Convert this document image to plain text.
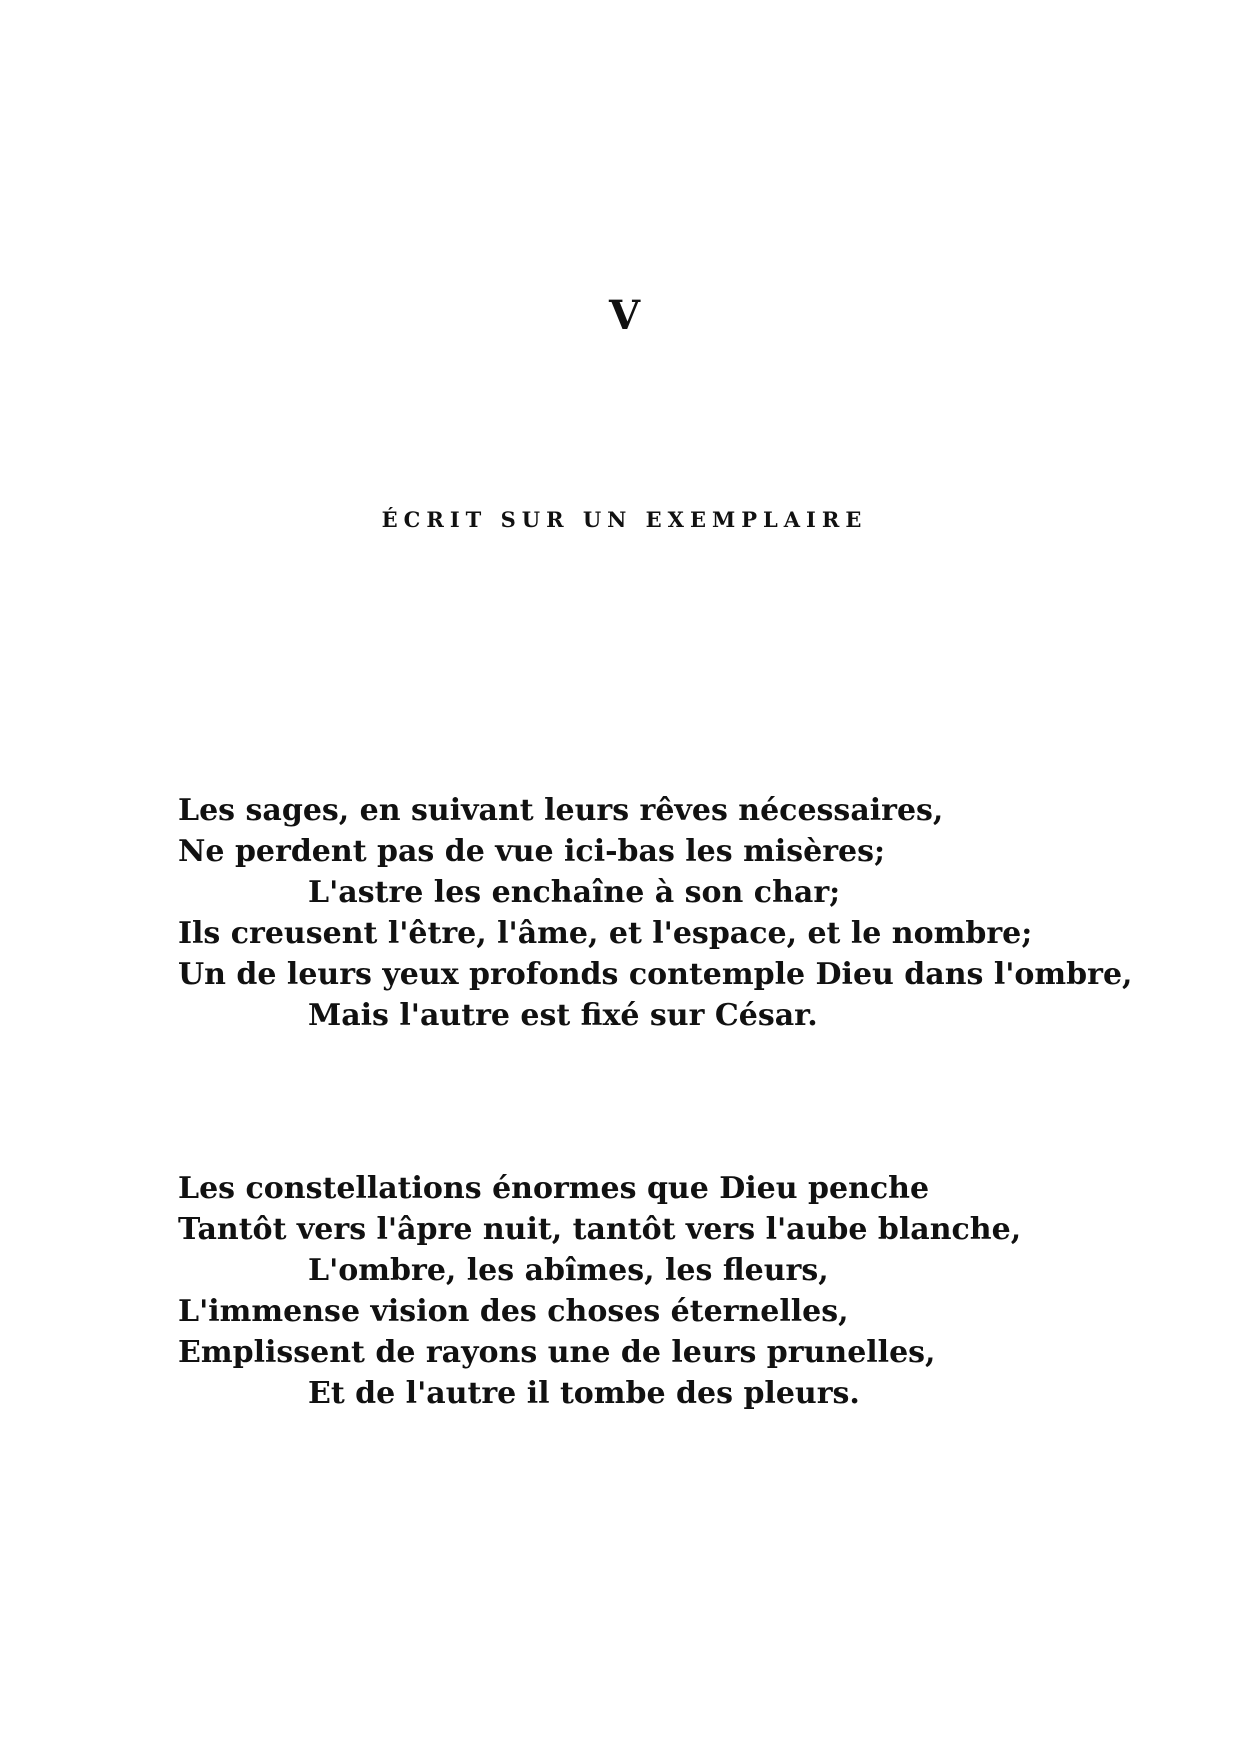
V
ÉCRIT SUR UN EXEMPLAIRE
Les sages, en suivant leurs rêves nécessaires,
Ne perdent pas de vue ici-bas les misères;
L'astre les enchaîne à son char;
Ils creusent l'être, l'âme, et l'espace, et le nombre;
Un de leurs yeux profonds contemple Dieu dans l'ombre,
Mais l'autre est fixé sur César.
Les constellations énormes que Dieu penche
Tantôt vers l'âpre nuit, tantôt vers l'aube blanche,
L'ombre, les abîmes, les fleurs,
L'immense vision des choses éternelles,
Emplissent de rayons une de leurs prunelles,
Et de l'autre il tombe des pleurs.
